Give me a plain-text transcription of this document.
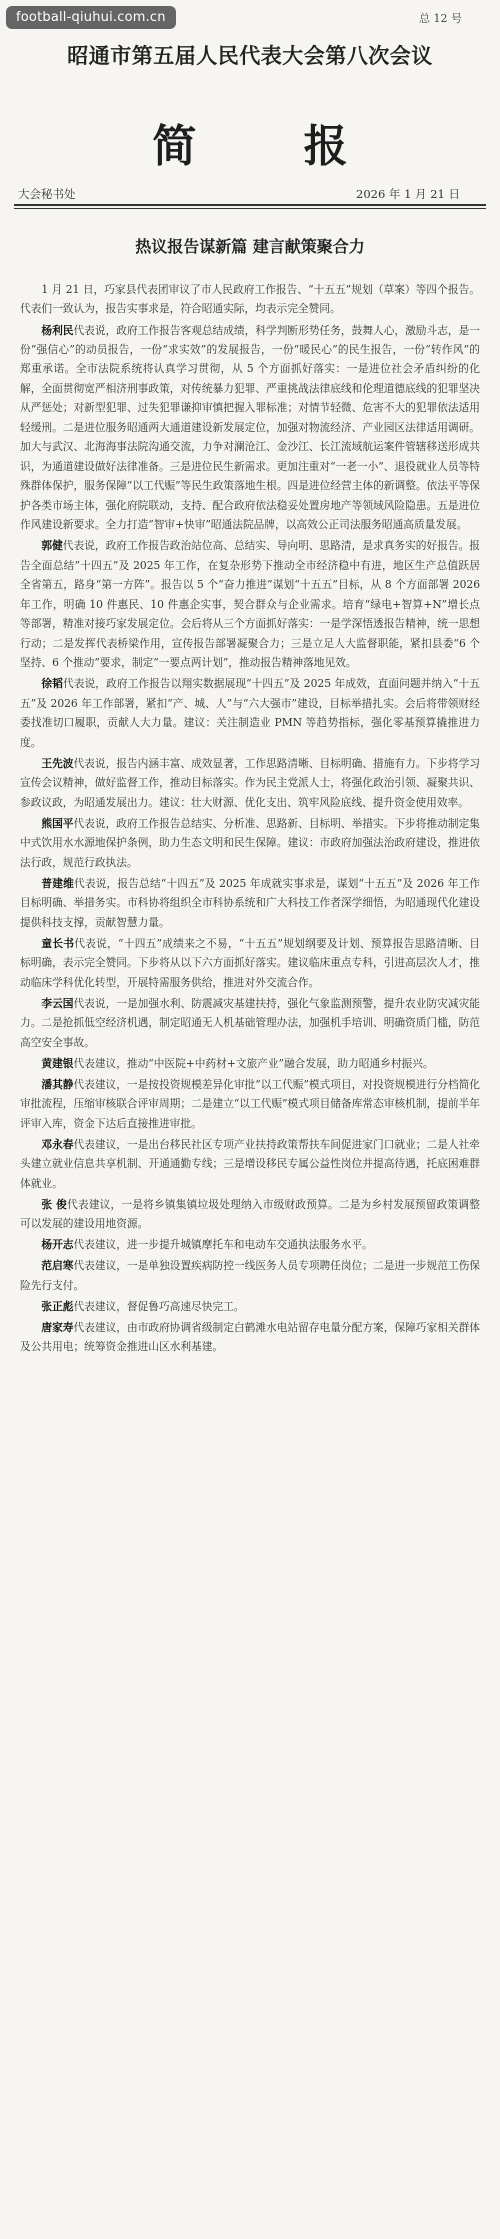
football-qiuhui.com.cn	总 12 号
昭通市第五届人民代表大会第八次会议
简 报
大会秘书处	2026 年 1 月 21 日
热议报告谋新篇 建言献策聚合力

1 月 21 日，巧家县代表团审议了市人民政府工作报告、“十五五”规划（草案）等四个报告。代表们一致认为，报告实事求是，符合昭通实际，均表示完全赞同。

杨利民代表说，政府工作报告客观总结成绩，科学判断形势任务，鼓舞人心，激励斗志，是一份“强信心”的动员报告，一份“求实效”的发展报告，一份“暖民心”的民生报告，一份“转作风”的郑重承诺。全市法院系统将认真学习贯彻，从 5 个方面抓好落实：一是进位社会矛盾纠纷的化解，全面贯彻宽严相济刑事政策，对传统暴力犯罪、严重挑战法律底线和伦理道德底线的犯罪坚决从严惩处；对新型犯罪、过失犯罪谦抑审慎把握入罪标准；对情节轻微、危害不大的犯罪依法适用轻缓刑。二是进位服务昭通两大通道建设新发展定位，加强对物流经济、产业园区法律适用调研。加大与武汉、北海海事法院沟通交流，力争对澜沧江、金沙江、长江流域航运案件管辖移送形成共识，为通道建设做好法律准备。三是进位民生新需求。更加注重对“一老一小”、退役就业人员等特殊群体保护，服务保障“以工代赈”等民生政策落地生根。四是进位经营主体的新调整。依法平等保护各类市场主体，强化府院联动，支持、配合政府依法稳妥处置房地产等领域风险隐患。五是进位作风建设新要求。全力打造“智审+快审”昭通法院品牌，以高效公正司法服务昭通高质量发展。

郭健代表说，政府工作报告政治站位高、总结实、导向明、思路清，是求真务实的好报告。报告全面总结“十四五”及 2025 年工作，在复杂形势下推动全市经济稳中有进，地区生产总值跃居全省第五，路身“第一方阵”。报告以 5 个“奋力推进”谋划“十五五”目标，从 8 个方面部署 2026 年工作，明确 10 件惠民、10 件惠企实事，契合群众与企业需求。培育“绿电+智算+N”增长点等部署，精准对接巧家发展定位。会后将从三个方面抓好落实：一是学深悟透报告精神，统一思想行动；二是发挥代表桥梁作用，宣传报告部署凝聚合力；三是立足人大监督职能，紧扣县委“6 个坚持、6 个推动”要求，制定“一要点两计划”，推动报告精神落地见效。

徐韬代表说，政府工作报告以翔实数据展现“十四五”及 2025 年成效，直面问题并纳入“十五五”及 2026 年工作部署，紧扣“产、城、人”与“六大强市”建设，目标举措扎实。会后将带领财经委找准切口履职，贡献人大力量。建议：关注制造业 PMN 等趋势指标，强化零基预算撬推进力度。

王先波代表说，报告内涵丰富、成效显著，工作思路清晰、目标明确、措施有力。下步将学习宣传会议精神，做好监督工作，推动目标落实。作为民主党派人士，将强化政治引领、凝聚共识、参政议政，为昭通发展出力。建议：壮大财源、优化支出、筑牢风险底线、提升资金使用效率。

熊国平代表说，政府工作报告总结实、分析准、思路新、目标明、举措实。下步将推动制定集中式饮用水水源地保护条例，助力生态文明和民生保障。建议：市政府加强法治政府建设，推进依法行政，规范行政执法。

普建维代表说，报告总结“十四五”及 2025 年成就实事求是，谋划“十五五”及 2026 年工作目标明确、举措务实。市科协将组织全市科协系统和广大科技工作者深学细悟，为昭通现代化建设提供科技支撑，贡献智慧力量。

童长书代表说，“十四五”成绩来之不易，“十五五”规划纲要及计划、预算报告思路清晰、目标明确，表示完全赞同。下步将从以下六方面抓好落实。建议临床重点专科，引进高层次人才，推动临床学科优化转型，开展特需服务供给，推进对外交流合作。

李云国代表说，一是加强水利、防震减灾基建扶持，强化气象监测预警，提升农业防灾减灾能力。二是抢抓低空经济机遇，制定昭通无人机基础管理办法，加强机手培训、明确资质门槛，防范高空安全事故。

黄建银代表建议，推动“中医院+中药材+文旅产业”融合发展，助力昭通乡村振兴。

潘其静代表建议，一是按投资规模差异化审批“以工代赈”模式项目，对投资规模进行分档简化审批流程，压缩审核联合评审周期；二是建立“以工代赈”模式项目储备库常态审核机制，提前半年评审入库，资金下达后直接推进审批。

邓永春代表建议，一是出台移民社区专项产业扶持政策帮扶车间促进家门口就业；二是人社牵头建立就业信息共享机制、开通通勤专线；三是增设移民专属公益性岗位并提高待遇，托底困难群体就业。

张 俊代表建议，一是将乡镇集镇垃圾处理纳入市级财政预算。二是为乡村发展预留政策调整可以发展的建设用地资源。

杨开志代表建议，进一步提升城镇摩托车和电动车交通执法服务水平。

范启寒代表建议，一是单独设置疾病防控一线医务人员专项聘任岗位；二是进一步规范工伤保险先行支付。

张正彪代表建议，督促鲁巧高速尽快完工。

唐家寿代表建议，由市政府协调省级制定白鹤滩水电站留存电量分配方案，保障巧家相关群体及公共用电；统筹资金推进山区水利基建。
